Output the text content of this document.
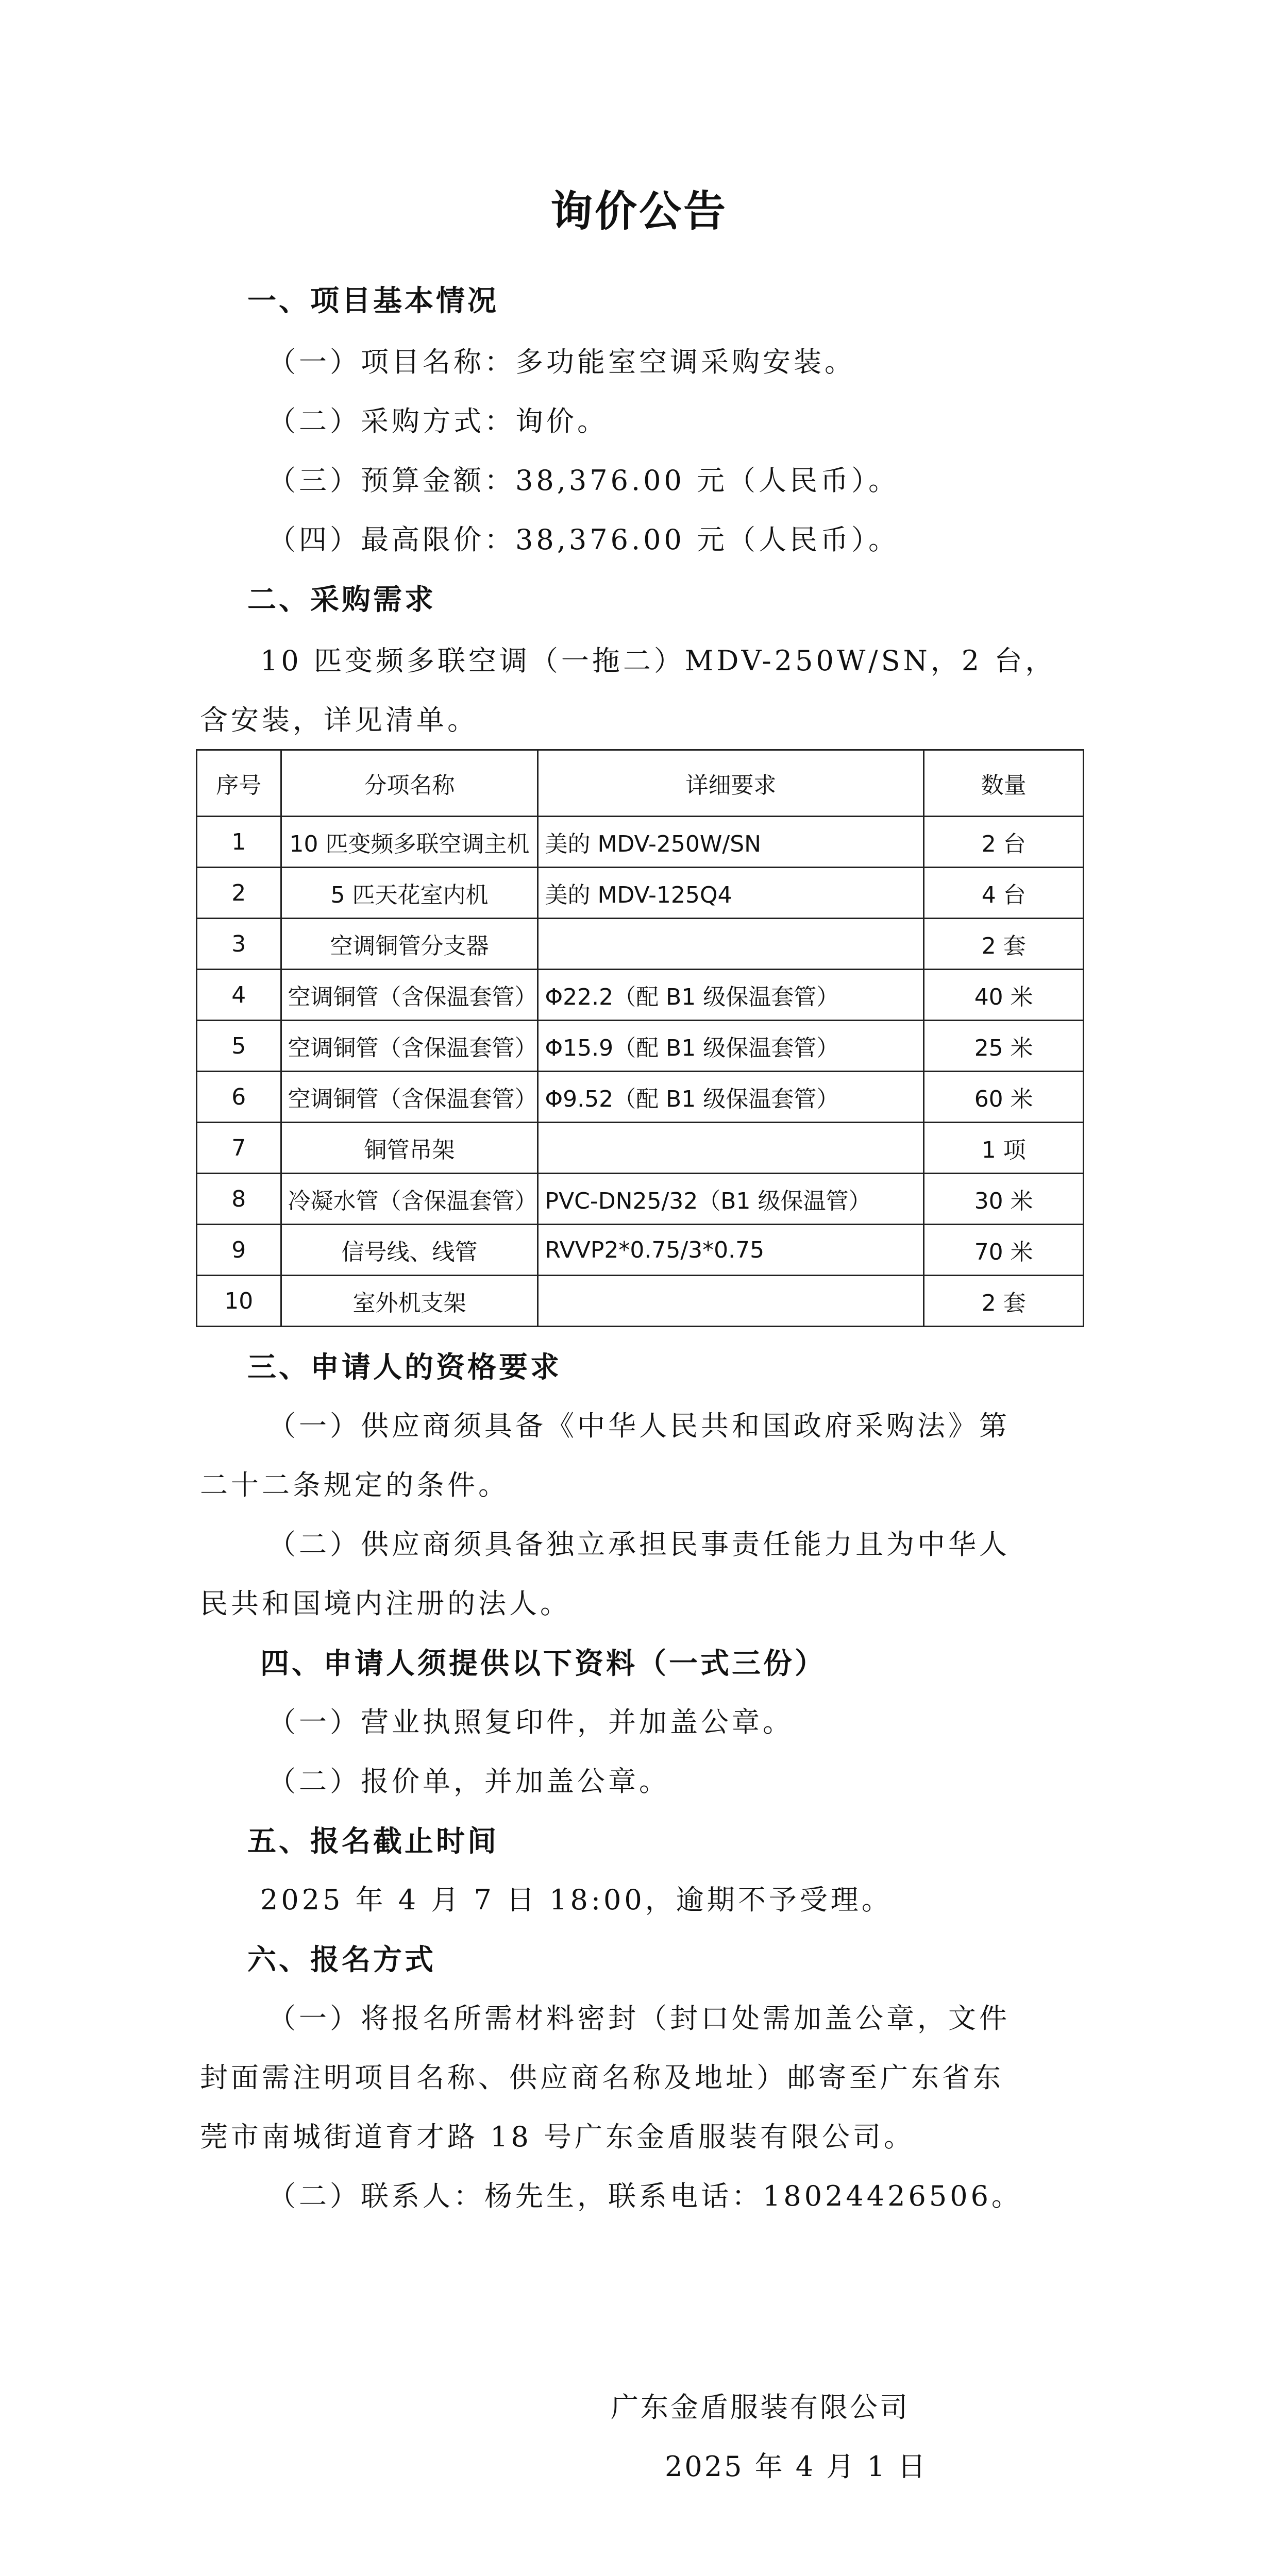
询价公告
一、项目基本情况
（一）项目名称：多功能室空调采购安装。
（二）采购方式：询价。
（三）预算金额：38,376.00 元（人民币）。
（四）最高限价：38,376.00 元（人民币）。
二、采购需求
10 匹变频多联空调（一拖二）MDV-250W/SN，2 台，
含安装，详见清单。
序号	分项名称	详细要求	数量
1	10 匹变频多联空调主机	美的 MDV-250W/SN	2 台
2	5 匹天花室内机	美的 MDV-125Q4	4 台
3	空调铜管分支器		2 套
4	空调铜管（含保温套管）	Φ22.2（配 B1 级保温套管）	40 米
5	空调铜管（含保温套管）	Φ15.9（配 B1 级保温套管）	25 米
6	空调铜管（含保温套管）	Φ9.52（配 B1 级保温套管）	60 米
7	铜管吊架		1 项
8	冷凝水管（含保温套管）	PVC-DN25/32（B1 级保温管）	30 米
9	信号线、线管	RVVP2*0.75/3*0.75	70 米
10	室外机支架		2 套
三、申请人的资格要求
（一）供应商须具备《中华人民共和国政府采购法》第
二十二条规定的条件。
（二）供应商须具备独立承担民事责任能力且为中华人
民共和国境内注册的法人。
四、申请人须提供以下资料（一式三份）
（一）营业执照复印件，并加盖公章。
（二）报价单，并加盖公章。
五、报名截止时间
2025 年 4 月 7 日 18:00，逾期不予受理。
六、报名方式
（一）将报名所需材料密封（封口处需加盖公章，文件
封面需注明项目名称、供应商名称及地址）邮寄至广东省东
莞市南城街道育才路 18 号广东金盾服装有限公司。
（二）联系人：杨先生，联系电话：18024426506。
广东金盾服装有限公司
2025 年 4 月 1 日
